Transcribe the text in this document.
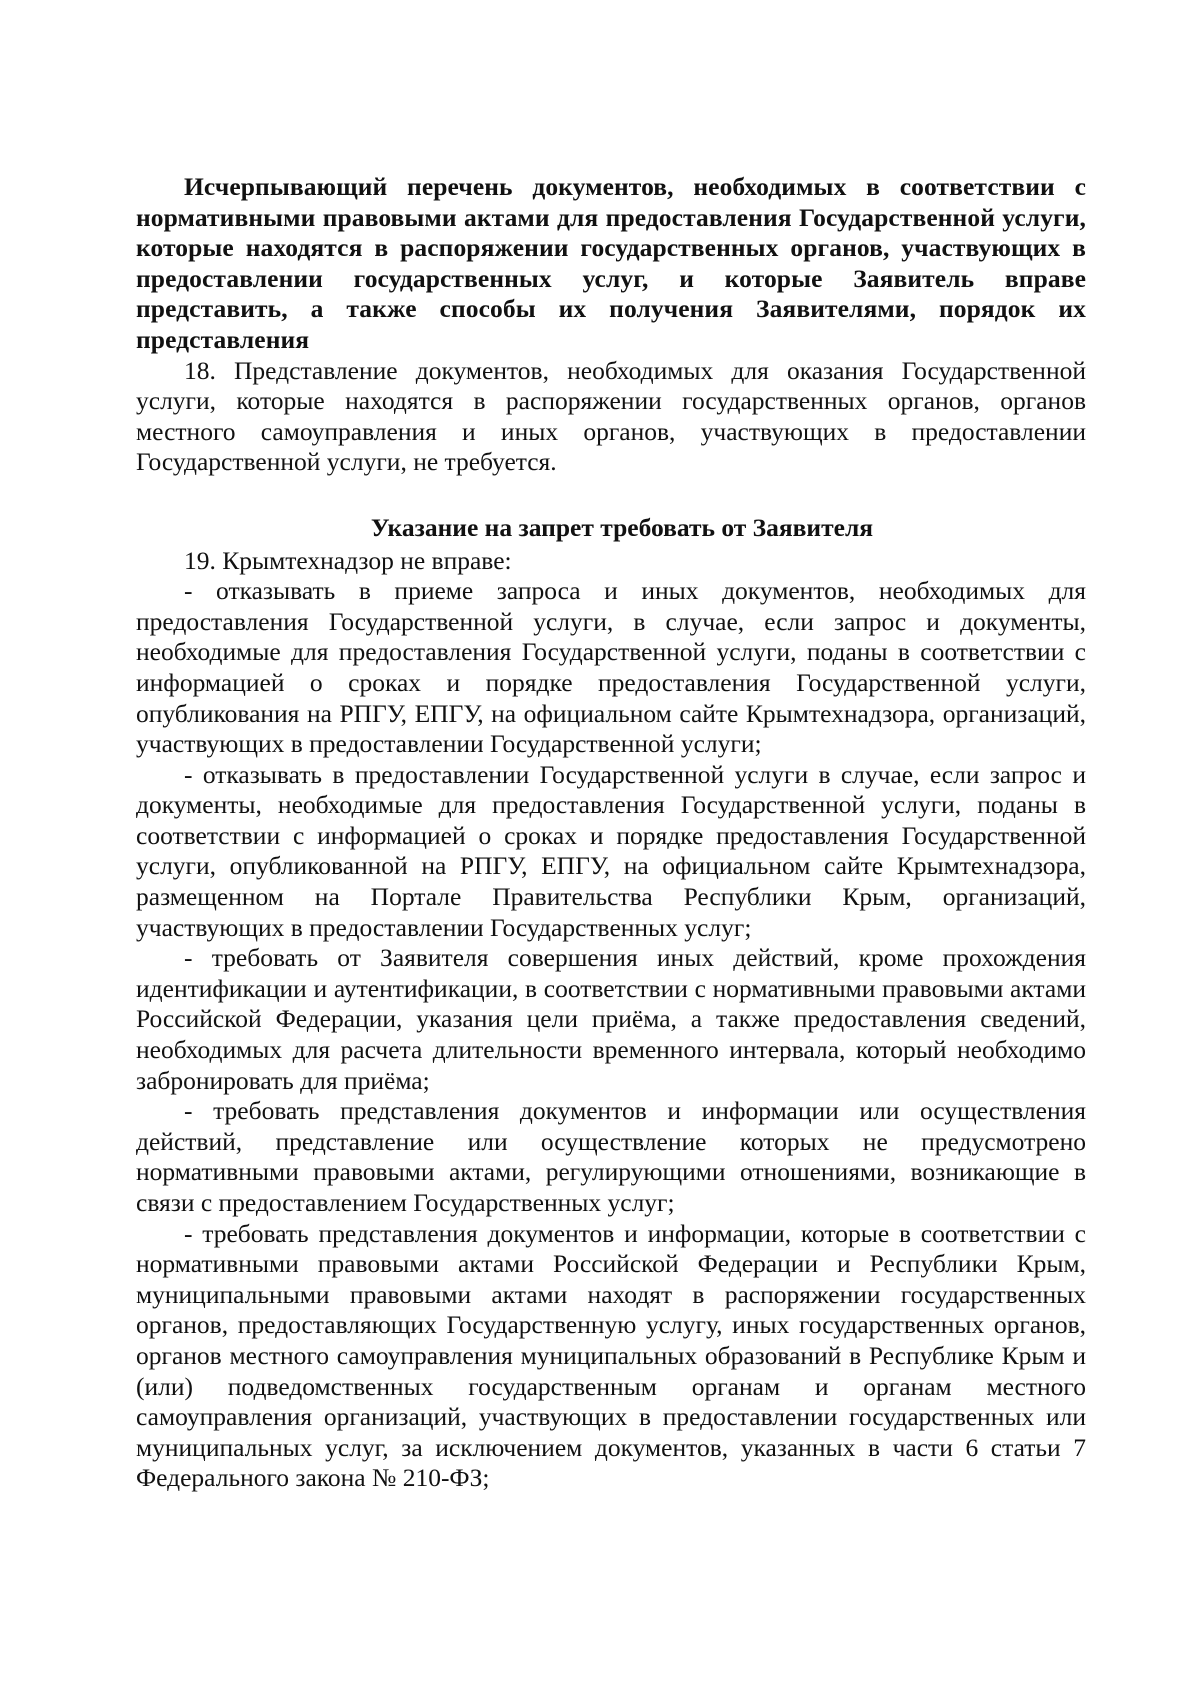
Исчерпывающий перечень документов, необходимых в соответствии с нормативными правовыми актами для предоставления Государственной услуги, которые находятся в распоряжении государственных органов, участвующих в предоставлении государственных услуг, и которые Заявитель вправе представить, а также способы их получения Заявителями, порядок их представления

18. Представление документов, необходимых для оказания Государственной услуги, которые находятся в распоряжении государственных органов, органов местного самоуправления и иных органов, участвующих в предоставлении Государственной услуги, не требуется.

Указание на запрет требовать от Заявителя

19. Крымтехнадзор не вправе:

- отказывать в приеме запроса и иных документов, необходимых для предоставления Государственной услуги, в случае, если запрос и документы, необходимые для предоставления Государственной услуги, поданы в соответствии с информацией о сроках и порядке предоставления Государственной услуги, опубликования на РПГУ, ЕПГУ, на официальном сайте Крымтехнадзора, организаций, участвующих в предоставлении Государственной услуги;

- отказывать в предоставлении Государственной услуги в случае, если запрос и документы, необходимые для предоставления Государственной услуги, поданы в соответствии с информацией о сроках и порядке предоставления Государственной услуги, опубликованной на РПГУ, ЕПГУ, на официальном сайте Крымтехнадзора, размещенном на Портале Правительства Республики Крым, организаций, участвующих в предоставлении Государственных услуг;

- требовать от Заявителя совершения иных действий, кроме прохождения идентификации и аутентификации, в соответствии с нормативными правовыми актами Российской Федерации, указания цели приёма, а также предоставления сведений, необходимых для расчета длительности временного интервала, который необходимо забронировать для приёма;

- требовать представления документов и информации или осуществления действий, представление или осуществление которых не предусмотрено нормативными правовыми актами, регулирующими отношениями, возникающие в связи с предоставлением Государственных услуг;

- требовать представления документов и информации, которые в соответствии с нормативными правовыми актами Российской Федерации и Республики Крым, муниципальными правовыми актами находят в распоряжении государственных органов, предоставляющих Государственную услугу, иных государственных органов, органов местного самоуправления муниципальных образований в Республике Крым и (или) подведомственных государственным органам и органам местного самоуправления организаций, участвующих в предоставлении государственных или муниципальных услуг, за исключением документов, указанных в части 6 статьи 7 Федерального закона № 210-ФЗ;
